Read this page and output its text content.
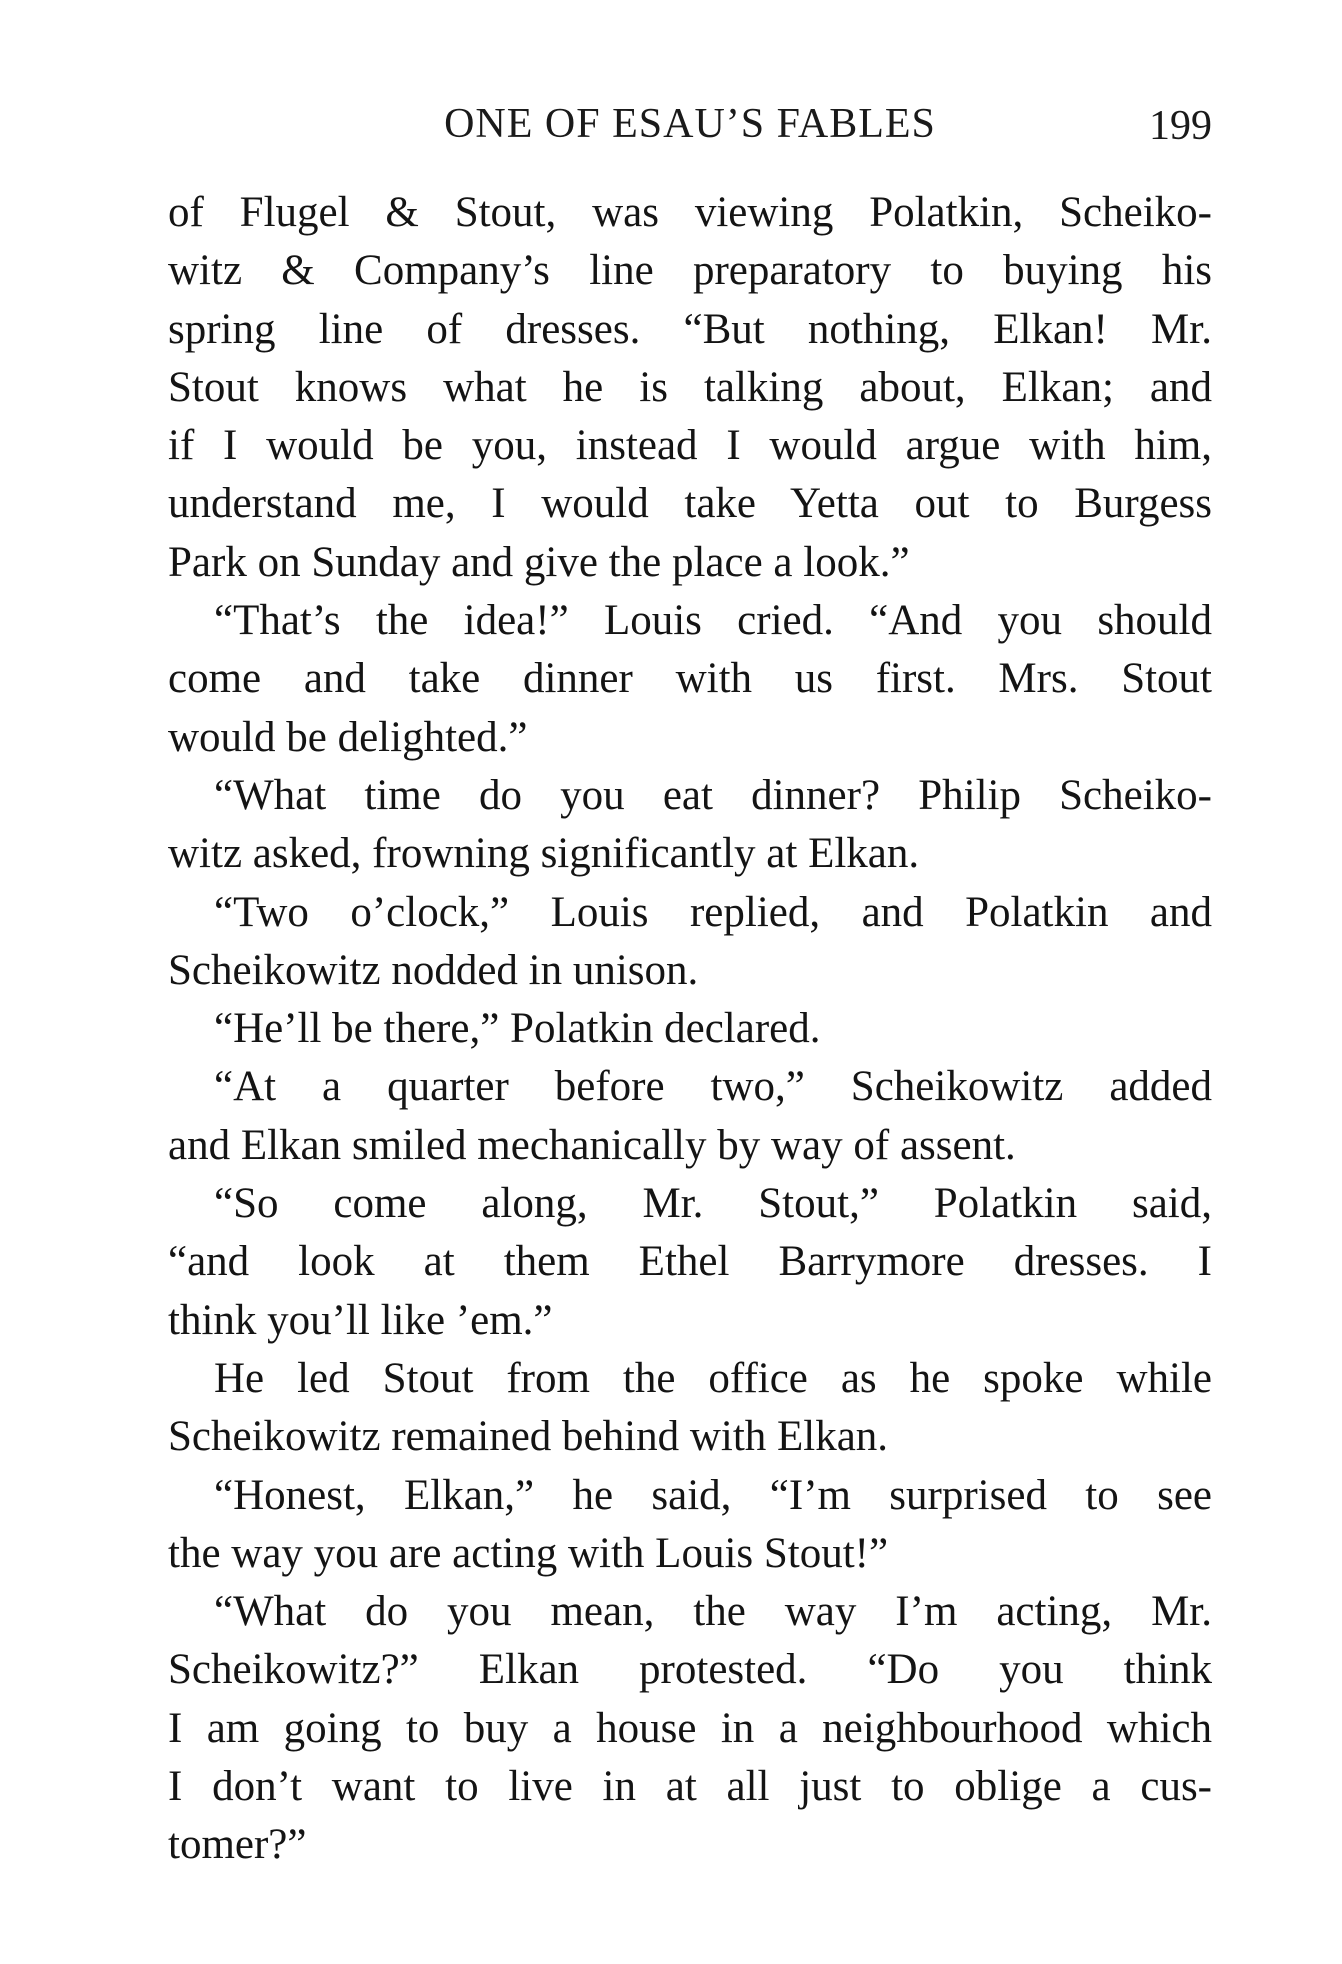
ONE OF ESAU’S FABLES	199
of Flugel & Stout, was viewing Polatkin, Scheiko-
witz & Company’s line preparatory to buying his
spring line of dresses. “But nothing, Elkan! Mr.
Stout knows what he is talking about, Elkan; and
if I would be you, instead I would argue with him,
understand me, I would take Yetta out to Burgess
Park on Sunday and give the place a look.”
“That’s the idea!” Louis cried. “And you should
come and take dinner with us first. Mrs. Stout
would be delighted.”
“What time do you eat dinner? Philip Scheiko-
witz asked, frowning significantly at Elkan.
“Two o’clock,” Louis replied, and Polatkin and
Scheikowitz nodded in unison.
“He’ll be there,” Polatkin declared.
“At a quarter before two,” Scheikowitz added
and Elkan smiled mechanically by way of assent.
“So come along, Mr. Stout,” Polatkin said,
“and look at them Ethel Barrymore dresses. I
think you’ll like ’em.”
He led Stout from the office as he spoke while
Scheikowitz remained behind with Elkan.
“Honest, Elkan,” he said, “I’m surprised to see
the way you are acting with Louis Stout!”
“What do you mean, the way I’m acting, Mr.
Scheikowitz?” Elkan protested. “Do you think
I am going to buy a house in a neighbourhood which
I don’t want to live in at all just to oblige a cus-
tomer?”
